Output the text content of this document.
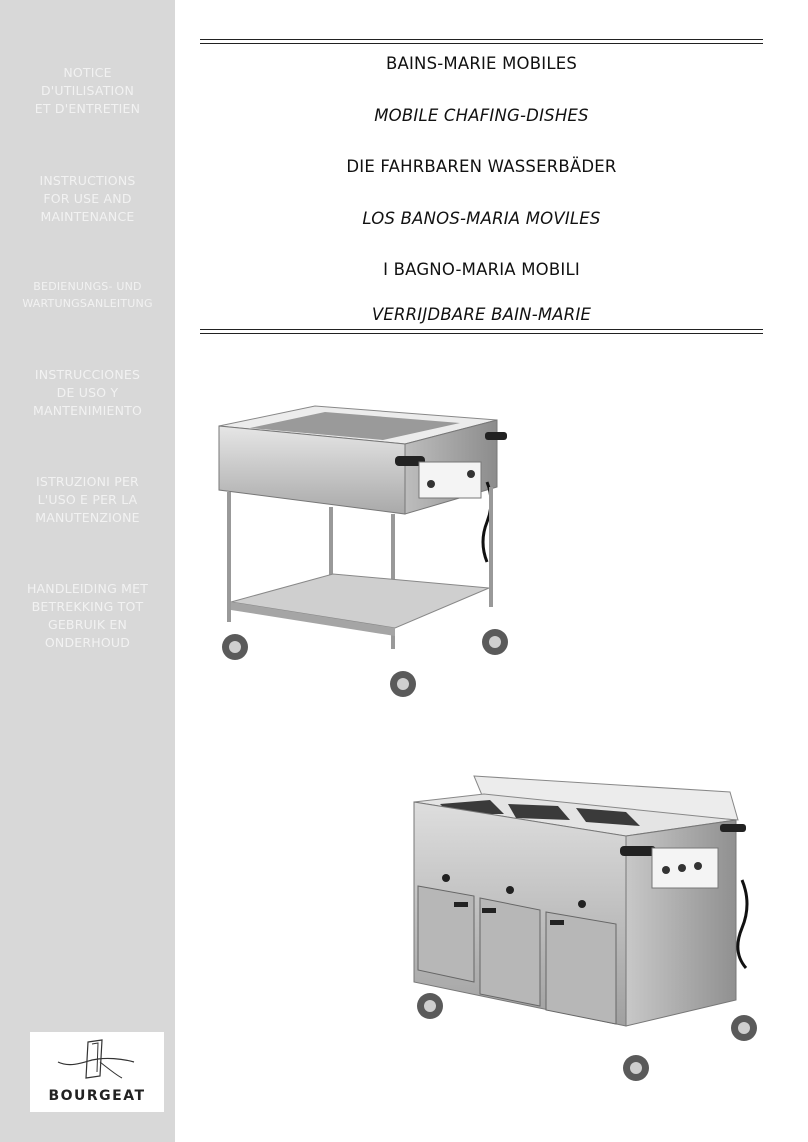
NOTICE
D'UTILISATION
ET D'ENTRETIEN
INSTRUCTIONS
FOR USE AND
MAINTENANCE
BEDIENUNGS- UND
WARTUNGSANLEITUNG
INSTRUCCIONES
DE USO Y
MANTENIMIENTO
ISTRUZIONI PER
L'USO E PER LA
MANUTENZIONE
HANDLEIDING MET
BETREKKING TOT
GEBRUIK EN
ONDERHOUD
BOURGEAT
BAINS-MARIE MOBILES
MOBILE CHAFING-DISHES
DIE FAHRBAREN WASSERBÄDER
LOS BANOS-MARIA MOVILES
I BAGNO-MARIA MOBILI
VERRIJDBARE BAIN-MARIE
